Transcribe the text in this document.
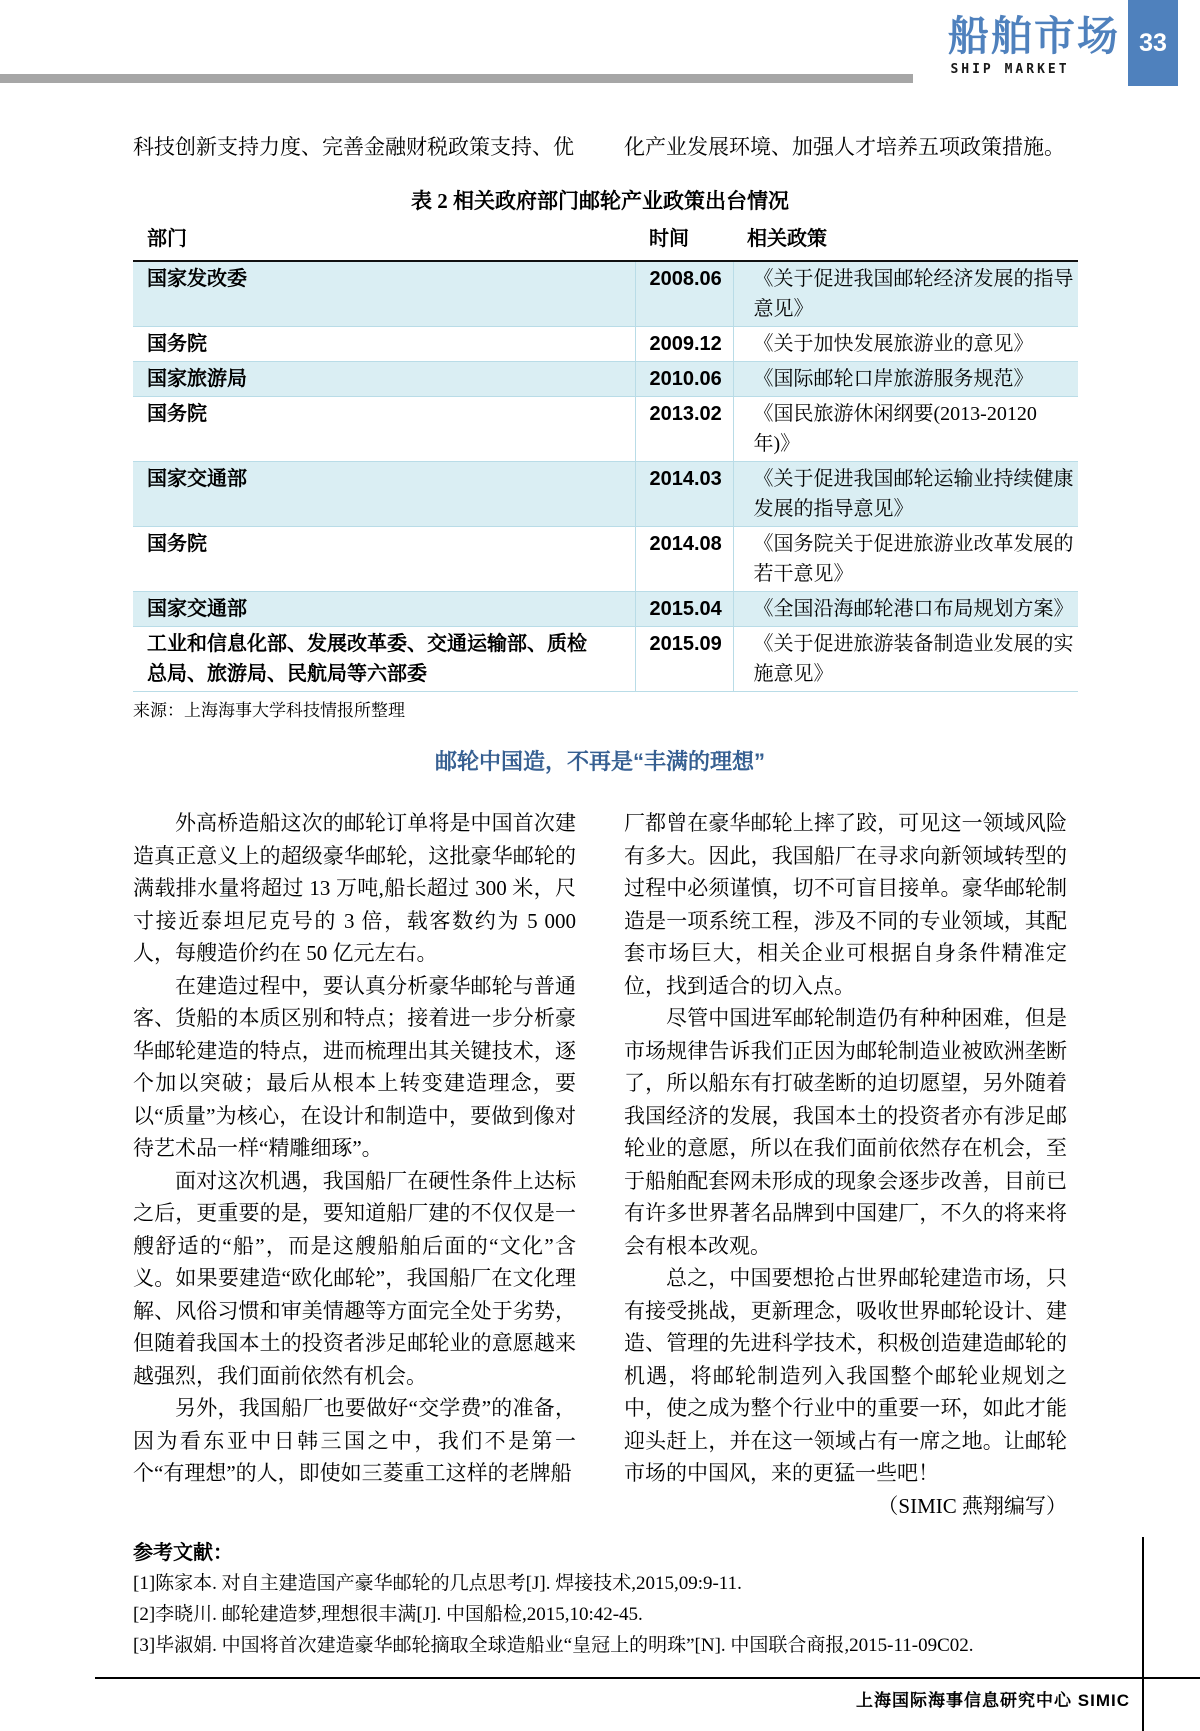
船舶市场
SHIP MARKET
33

科技创新支持力度、完善金融财税政策支持、优 化产业发展环境、加强人才培养五项政策措施。

表 2 相关政府部门邮轮产业政策出台情况
部门	时间	相关政策
国家发改委	2008.06	《关于促进我国邮轮经济发展的指导意见》
国务院	2009.12	《关于加快发展旅游业的意见》
国家旅游局	2010.06	《国际邮轮口岸旅游服务规范》
国务院	2013.02	《国民旅游休闲纲要(2013-20120 年)》
国家交通部	2014.03	《关于促进我国邮轮运输业持续健康发展的指导意见》
国务院	2014.08	《国务院关于促进旅游业改革发展的若干意见》
国家交通部	2015.04	《全国沿海邮轮港口布局规划方案》
工业和信息化部、发展改革委、交通运输部、质检总局、旅游局、民航局等六部委	2015.09	《关于促进旅游装备制造业发展的实施意见》
来源：上海海事大学科技情报所整理
邮轮中国造，不再是“丰满的理想”

外高桥造船这次的邮轮订单将是中国首次建造真正意义上的超级豪华邮轮，这批豪华邮轮的满载排水量将超过 13 万吨,船长超过 300 米，尺寸接近泰坦尼克号的 3 倍，载客数约为 5 000 人，每艘造价约在 50 亿元左右。

在建造过程中，要认真分析豪华邮轮与普通客、货船的本质区别和特点；接着进一步分析豪华邮轮建造的特点，进而梳理出其关键技术，逐个加以突破；最后从根本上转变建造理念，要以“质量”为核心，在设计和制造中，要做到像对待艺术品一样“精雕细琢”。

面对这次机遇，我国船厂在硬性条件上达标之后，更重要的是，要知道船厂建的不仅仅是一艘舒适的“船”，而是这艘船舶后面的“文化”含义。如果要建造“欧化邮轮”，我国船厂在文化理解、风俗习惯和审美情趣等方面完全处于劣势，但随着我国本土的投资者涉足邮轮业的意愿越来越强烈，我们面前依然有机会。

另外，我国船厂也要做好“交学费”的准备，因为看东亚中日韩三国之中，我们不是第一个“有理想”的人，即使如三菱重工这样的老牌船

厂都曾在豪华邮轮上摔了跤，可见这一领域风险有多大。因此，我国船厂在寻求向新领域转型的过程中必须谨慎，切不可盲目接单。豪华邮轮制造是一项系统工程，涉及不同的专业领域，其配套市场巨大，相关企业可根据自身条件精准定位，找到适合的切入点。

尽管中国进军邮轮制造仍有种种困难，但是市场规律告诉我们正因为邮轮制造业被欧洲垄断了，所以船东有打破垄断的迫切愿望，另外随着我国经济的发展，我国本土的投资者亦有涉足邮轮业的意愿，所以在我们面前依然存在机会，至于船舶配套网未形成的现象会逐步改善，目前已有许多世界著名品牌到中国建厂，不久的将来将会有根本改观。

总之，中国要想抢占世界邮轮建造市场，只有接受挑战，更新理念，吸收世界邮轮设计、建造、管理的先进科学技术，积极创造建造邮轮的机遇，将邮轮制造列入我国整个邮轮业规划之中，使之成为整个行业中的重要一环，如此才能迎头赶上，并在这一领域占有一席之地。让邮轮市场的中国风，来的更猛一些吧！

（SIMIC 燕翔编写）

参考文献：

[1]陈家本. 对自主建造国产豪华邮轮的几点思考[J]. 焊接技术,2015,09:9-11.

[2]李晓川. 邮轮建造梦,理想很丰满[J]. 中国船检,2015,10:42-45.

[3]毕淑娟. 中国将首次建造豪华邮轮摘取全球造船业“皇冠上的明珠”[N]. 中国联合商报,2015-11-09C02.

上海国际海事信息研究中心 SIMIC
